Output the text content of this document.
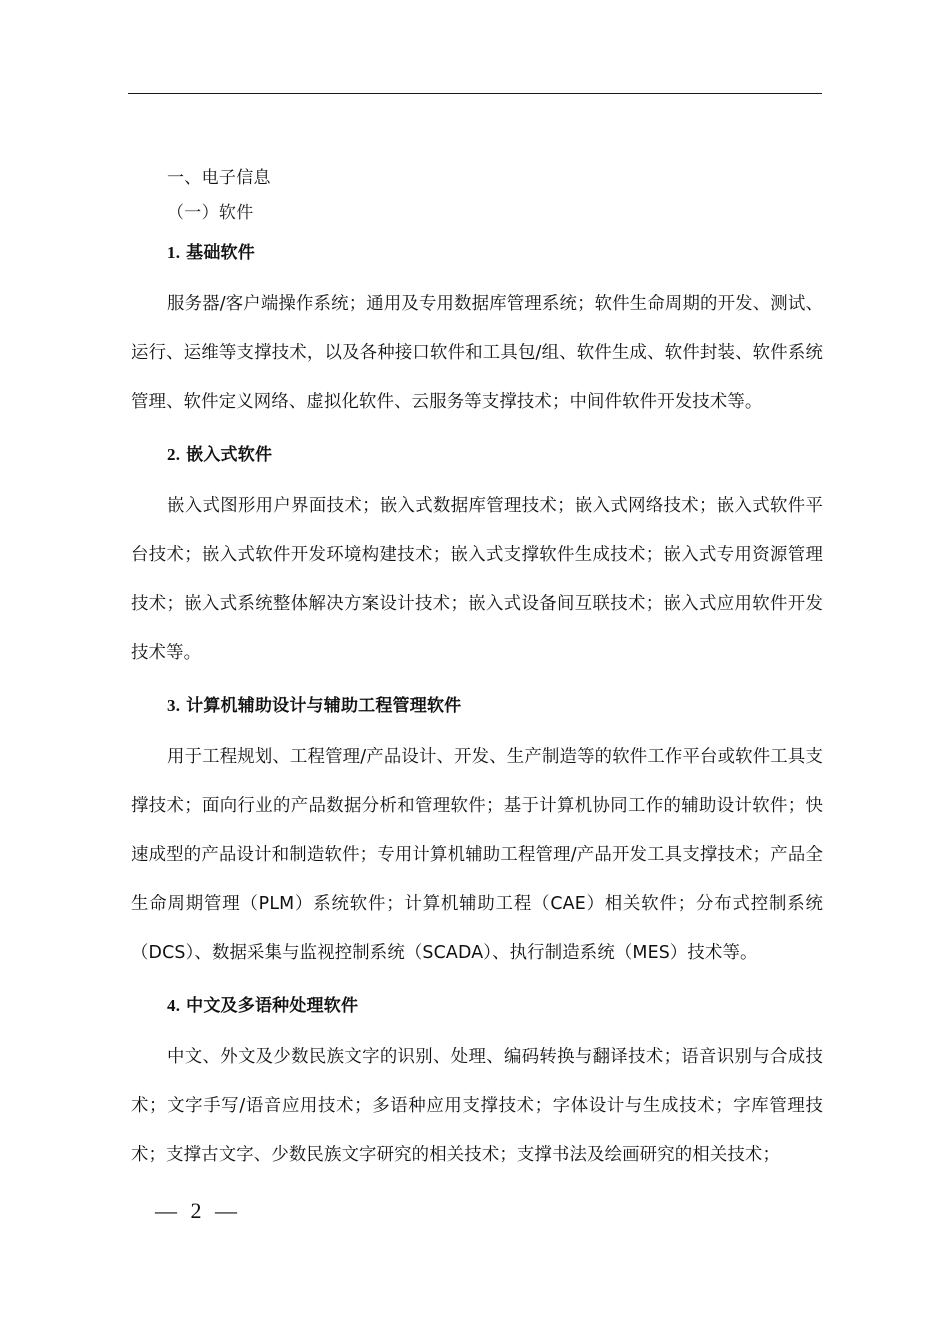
一、电子信息
（一）软件
1. 基础软件
服务器/客户端操作系统；通用及专用数据库管理系统；软件生命周期的开发、测试、运行、运维等支撑技术，以及各种接口软件和工具包/组、软件生成、软件封装、软件系统管理、软件定义网络、虚拟化软件、云服务等支撑技术；中间件软件开发技术等。
2. 嵌入式软件
嵌入式图形用户界面技术；嵌入式数据库管理技术；嵌入式网络技术；嵌入式软件平台技术；嵌入式软件开发环境构建技术；嵌入式支撑软件生成技术；嵌入式专用资源管理技术；嵌入式系统整体解决方案设计技术；嵌入式设备间互联技术；嵌入式应用软件开发技术等。
3. 计算机辅助设计与辅助工程管理软件
用于工程规划、工程管理/产品设计、开发、生产制造等的软件工作平台或软件工具支撑技术；面向行业的产品数据分析和管理软件；基于计算机协同工作的辅助设计软件；快速成型的产品设计和制造软件；专用计算机辅助工程管理/产品开发工具支撑技术；产品全生命周期管理（PLM）系统软件；计算机辅助工程（CAE）相关软件；分布式控制系统（DCS）、数据采集与监视控制系统（SCADA）、执行制造系统（MES）技术等。
4. 中文及多语种处理软件
中文、外文及少数民族文字的识别、处理、编码转换与翻译技术；语音识别与合成技术；文字手写/语音应用技术；多语种应用支撑技术；字体设计与生成技术；字库管理技术；支撑古文字、少数民族文字研究的相关技术；支撑书法及绘画研究的相关技术；
— 2 —
